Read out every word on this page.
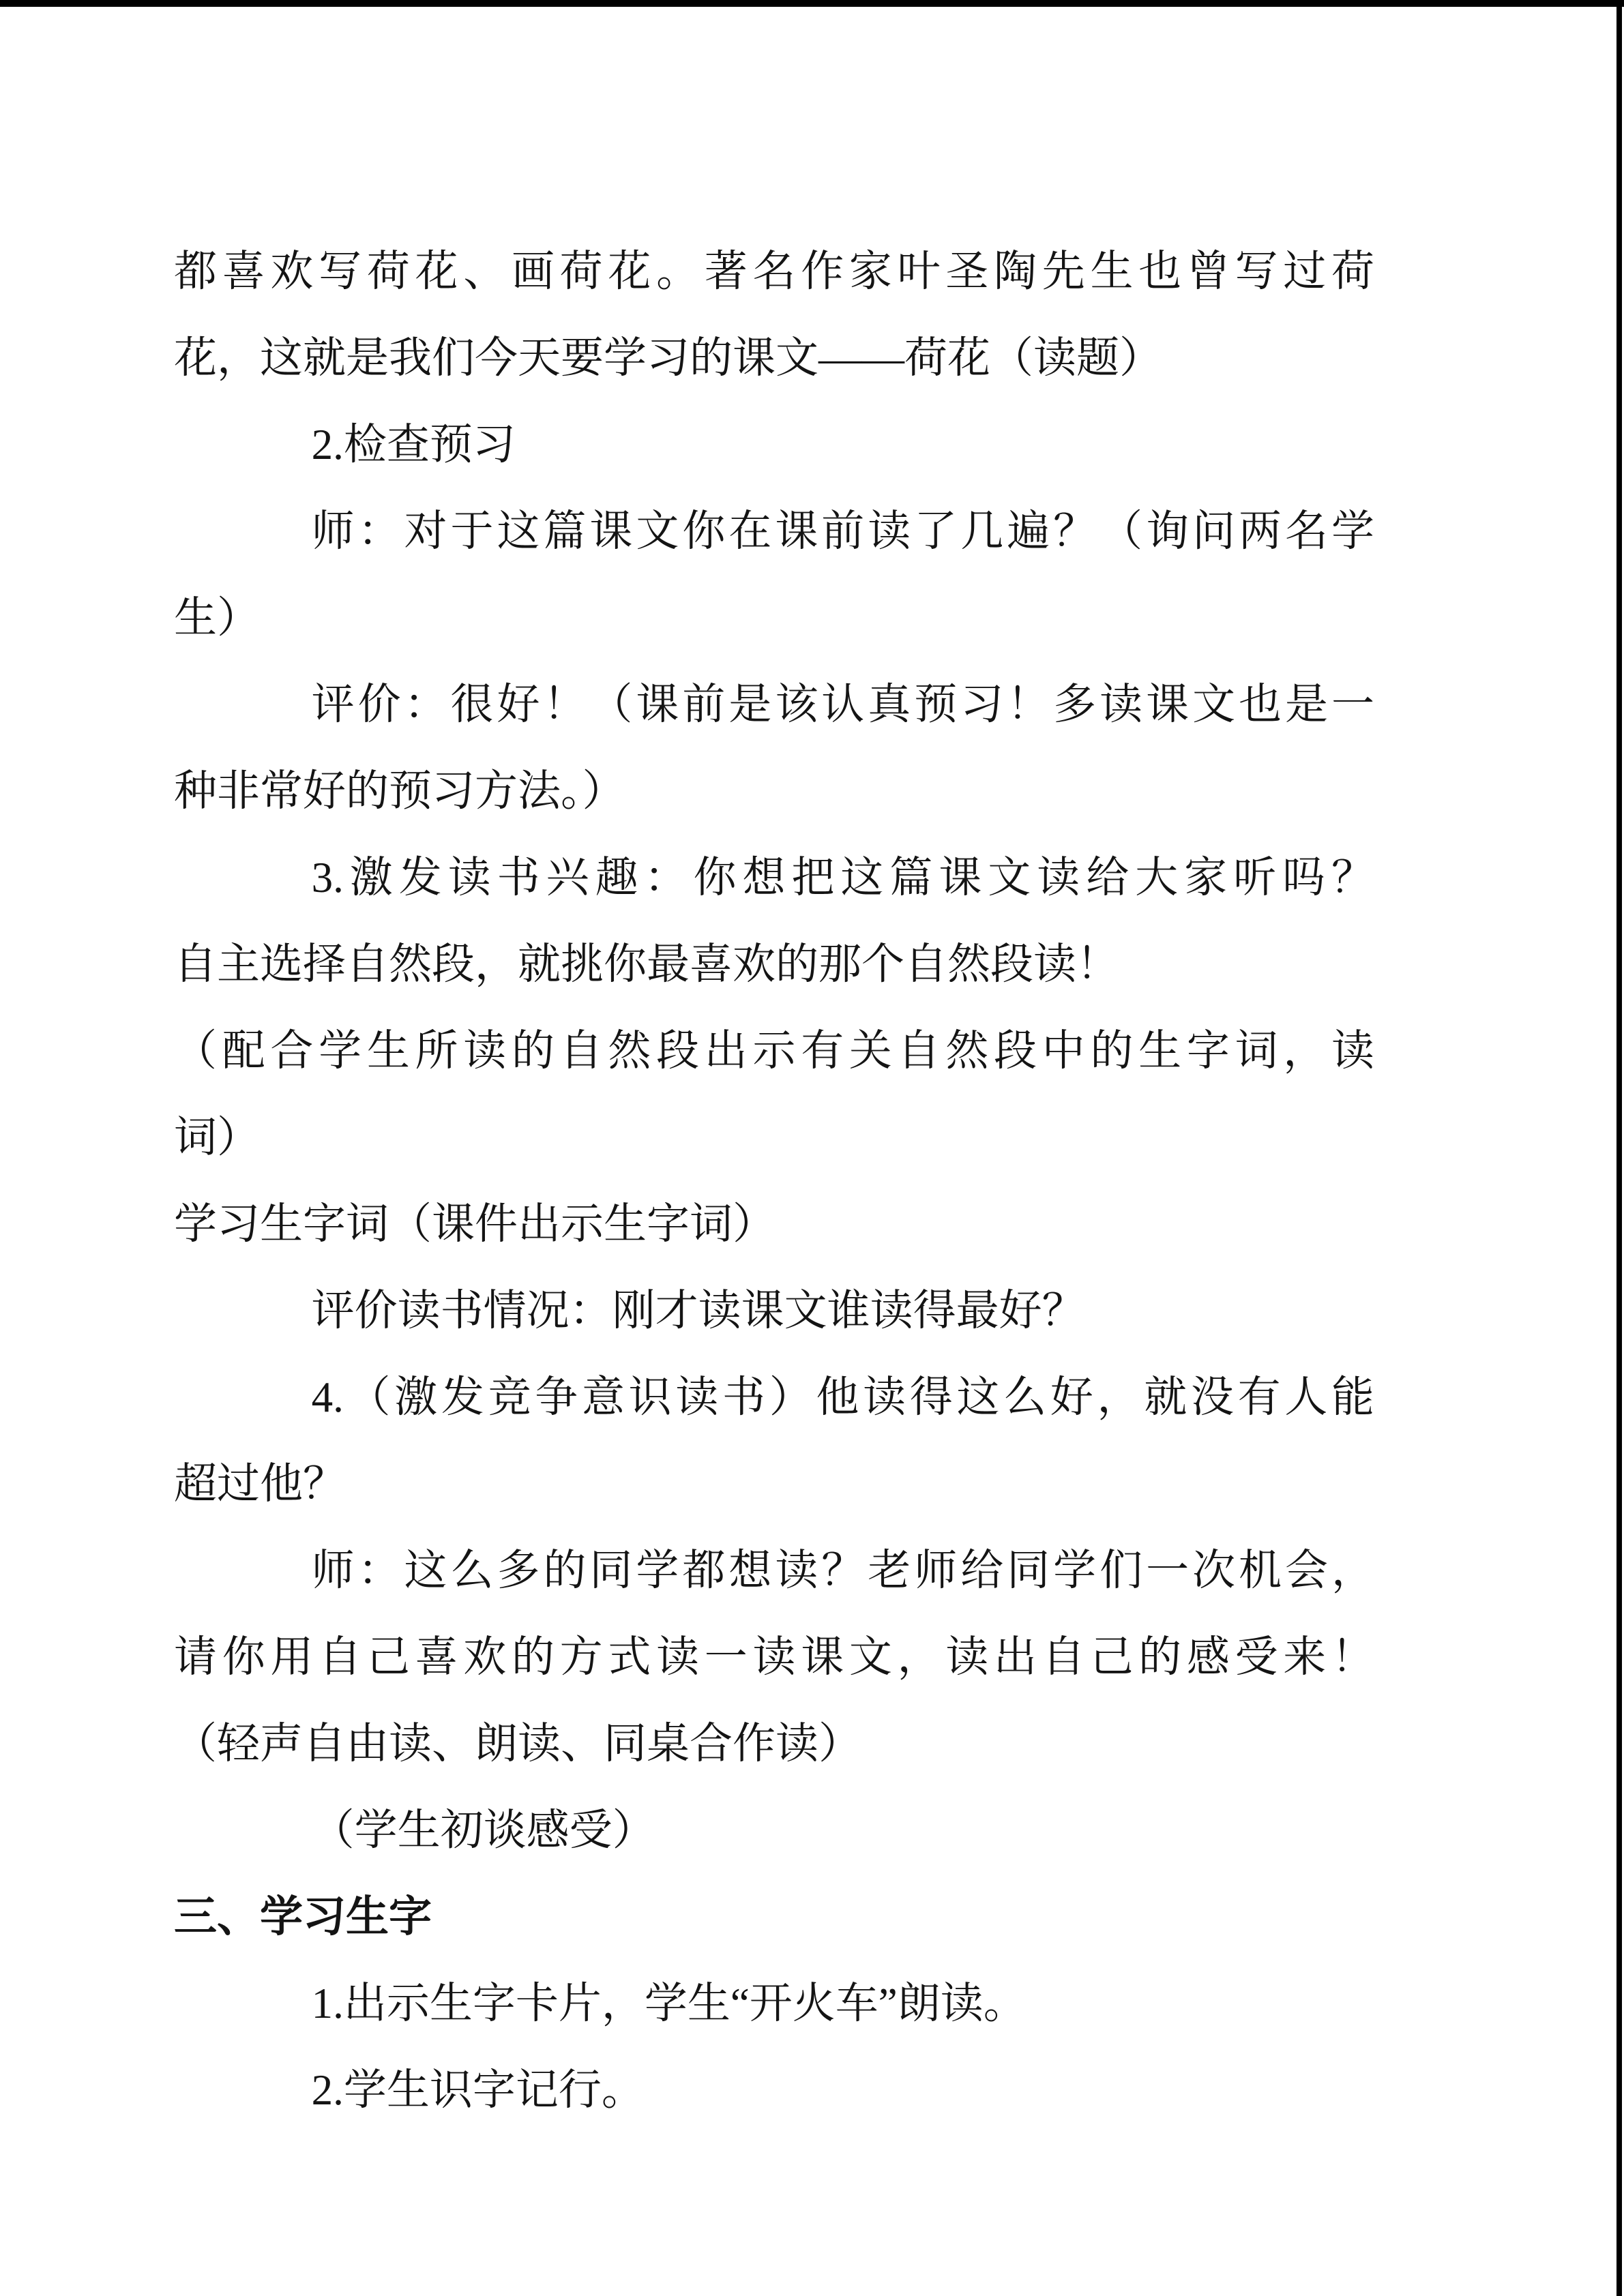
都喜欢写荷花、画荷花。著名作家叶圣陶先生也曾写过荷
花，这就是我们今天要学习的课文——荷花（读题）
2.检查预习
师：对于这篇课文你在课前读了几遍？（询问两名学
生）
评价：很好！（课前是该认真预习！多读课文也是一
种非常好的预习方法。）
3.激发读书兴趣：你想把这篇课文读给大家听吗？
自主选择自然段，就挑你最喜欢的那个自然段读！
（配合学生所读的自然段出示有关自然段中的生字词，读
词）
学习生字词（课件出示生字词）
评价读书情况：刚才读课文谁读得最好？
4.（激发竞争意识读书）他读得这么好，就没有人能
超过他？
师：这么多的同学都想读？老师给同学们一次机会，
请你用自己喜欢的方式读一读课文，读出自己的感受来！
（轻声自由读、朗读、同桌合作读）
（学生初谈感受）
三、学习生字
1.出示生字卡片，学生“开火车”朗读。
2.学生识字记行。
